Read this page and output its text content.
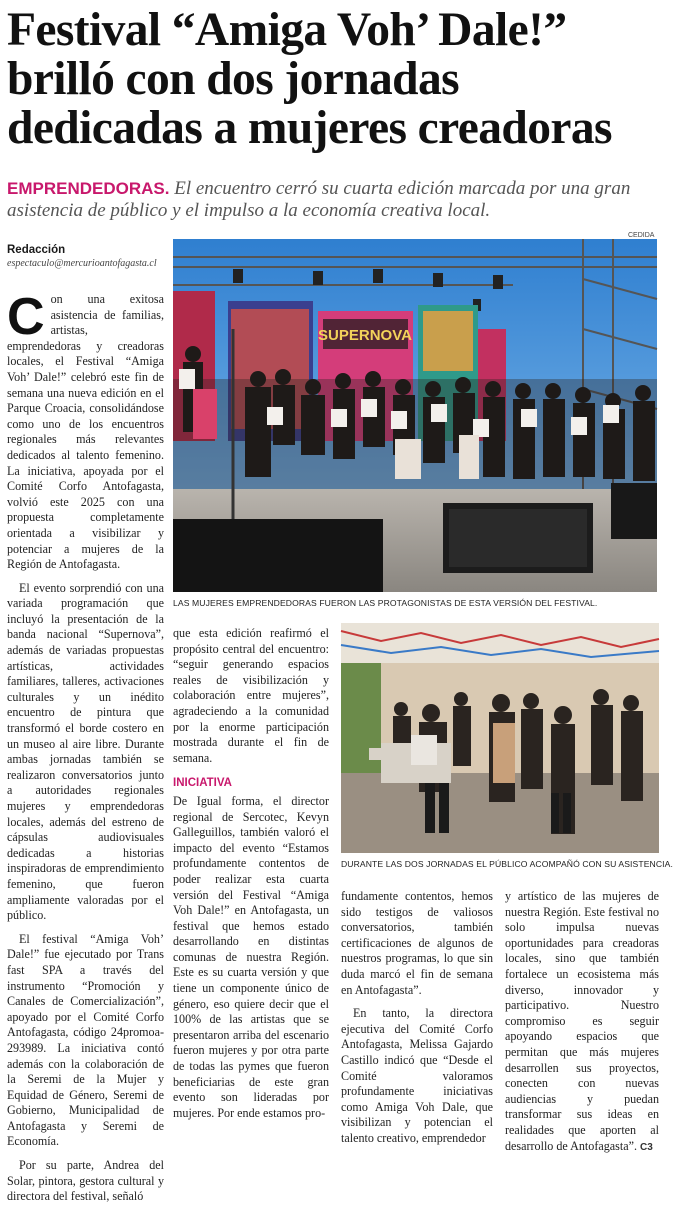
Festival “Amiga Voh’ Dale!”
brilló con dos jornadas
dedicadas a mujeres creadoras
EMPRENDEDORAS. El encuentro cerró su cuarta edición marcada por una gran asistencia de público y el impulso a la economía creativa local.
Redacción
espectaculo@mercurioantofagasta.cl
CEDIDA
SUPERNOVA
LAS MUJERES EMPRENDEDORAS FUERON LAS PROTAGONISTAS DE ESTA VERSIÓN DEL FESTIVAL.
DURANTE LAS DOS JORNADAS EL PÚBLICO ACOMPAÑÓ CON SU ASISTENCIA.

Con una exitosa asistencia de familias, artistas, emprendedoras y creadoras locales, el Festival “Amiga Voh’ Dale!” celebró este fin de semana una nueva edición en el Parque Croacia, consolidándose como uno de los encuentros regionales más relevantes dedicados al talento femenino. La iniciativa, apoyada por el Comité Corfo Antofagasta, volvió este 2025 con una propuesta completamente orientada a visibilizar y potenciar a mujeres de la Región de Antofagasta.

El evento sorprendió con una variada programación que incluyó la presentación de la banda nacional “Supernova”, además de variadas propuestas artísticas, actividades familiares, talleres, activaciones culturales y un inédito encuentro de pintura que transformó el borde costero en un museo al aire libre. Durante ambas jornadas también se realizaron conversatorios junto a autoridades regionales mujeres y emprendedoras locales, además del estreno de cápsulas audiovisuales dedicadas a historias inspiradoras de emprendimiento femenino, que fueron ampliamente valoradas por el público.

El festival “Amiga Voh’ Dale!” fue ejecutado por Trans fast SPA a través del instrumento “Promoción y Canales de Comercialización”, apoyado por el Comité Corfo Antofagasta, código 24promoa-293989. La iniciativa contó además con la colaboración de la Seremi de la Mujer y Equidad de Género, Seremi de Gobierno, Municipalidad de Antofagasta y Seremi de Economía.

Por su parte, Andrea del Solar, pintora, gestora cultural y directora del festival, señaló

que esta edición reafirmó el propósito central del encuentro: “seguir generando espacios reales de visibilización y colaboración entre mujeres”, agradeciendo a la comunidad por la enorme participación mostrada durante el fin de semana.

INICIATIVA

De Igual forma, el director regional de Sercotec, Kevyn Galleguillos, también valoró el impacto del evento “Estamos profundamente contentos de poder realizar esta cuarta versión del Festival “Amiga Voh Dale!” en Antofagasta, un festival que hemos estado desarrollando en distintas comunas de nuestra Región. Este es su cuarta versión y que tiene un componente único de género, eso quiere decir que el 100% de las artistas que se presentaron arriba del escenario fueron mujeres y por otra parte de todas las pymes que fueron beneficiarias de este gran evento son lideradas por mujeres. Por ende estamos pro-

fundamente contentos, hemos sido testigos de valiosos conversatorios, también certificaciones de algunos de nuestros programas, lo que sin duda marcó el fin de semana en Antofagasta”.

En tanto, la directora ejecutiva del Comité Corfo Antofagasta, Melissa Gajardo Castillo indicó que “Desde el Comité valoramos profundamente iniciativas como Amiga Voh Dale, que visibilizan y potencian el talento creativo, emprendedor

y artístico de las mujeres de nuestra Región. Este festival no solo impulsa nuevas oportunidades para creadoras locales, sino que también fortalece un ecosistema más diverso, innovador y participativo. Nuestro compromiso es seguir apoyando espacios que permitan que más mujeres desarrollen sus proyectos, conecten con nuevas audiencias y puedan transformar sus ideas en realidades que aporten al desarrollo de Antofagasta”. C3
